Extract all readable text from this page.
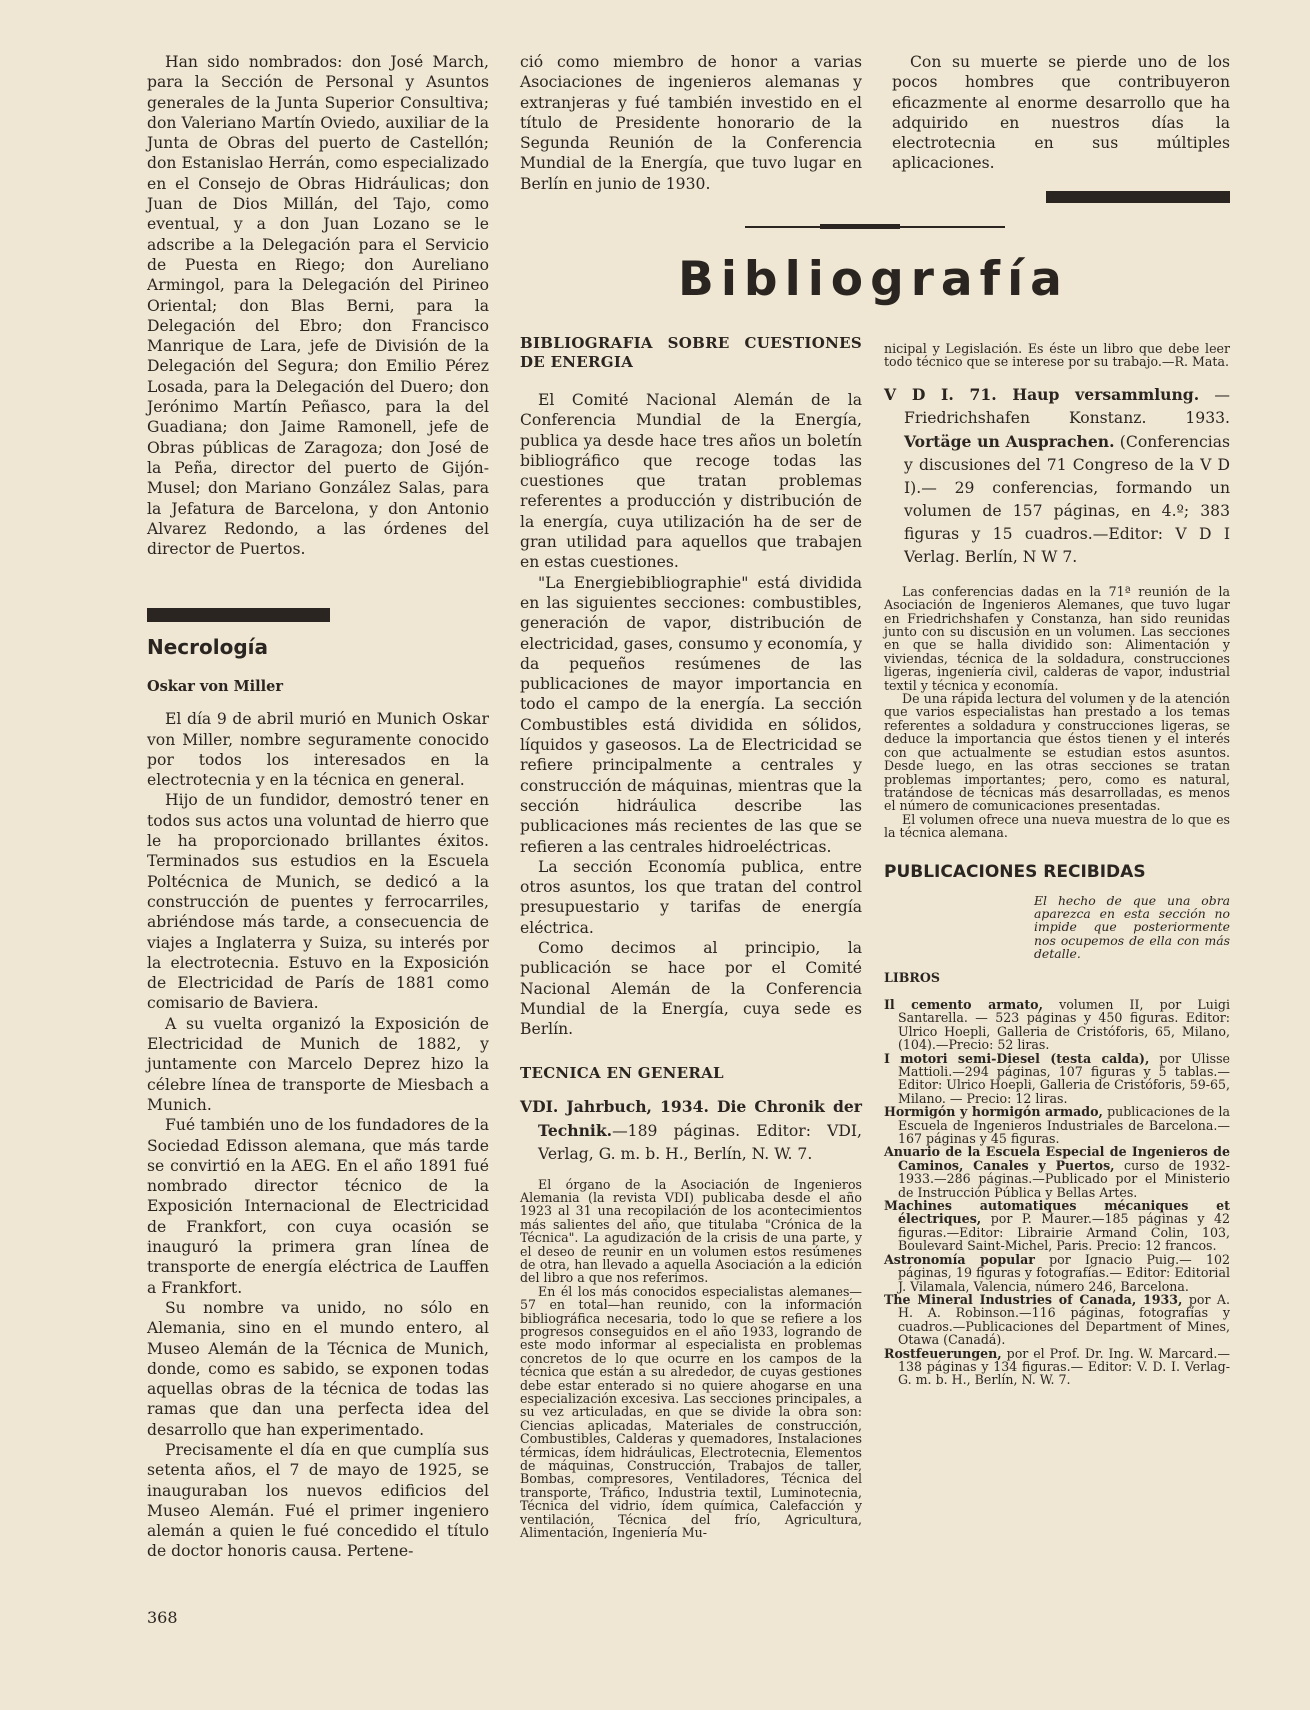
Han sido nombrados: don José March, para la Sección de Personal y Asuntos generales de la Junta Superior Consultiva; don Valeriano Martín Oviedo, auxiliar de la Junta de Obras del puerto de Castellón; don Estanislao Herrán, como especializado en el Consejo de Obras Hidráulicas; don Juan de Dios Millán, del Tajo, como eventual, y a don Juan Lozano se le adscribe a la Delegación para el Servicio de Puesta en Riego; don Aureliano Armingol, para la Delegación del Pirineo Oriental; don Blas Berni, para la Delegación del Ebro; don Francisco Manrique de Lara, jefe de División de la Delegación del Segura; don Emilio Pérez Losada, para la Delegación del Duero; don Jerónimo Martín Peñasco, para la del Guadiana; don Jaime Ramonell, jefe de Obras públicas de Zaragoza; don José de la Peña, director del puerto de Gijón-Musel; don Mariano González Salas, para la Jefatura de Barcelona, y don Antonio Alvarez Redondo, a las órdenes del director de Puertos.

Necrología

Oskar von Miller

El día 9 de abril murió en Munich Oskar von Miller, nombre seguramente conocido por todos los interesados en la electrotecnia y en la técnica en general.

Hijo de un fundidor, demostró tener en todos sus actos una voluntad de hierro que le ha proporcionado brillantes éxitos. Terminados sus estudios en la Escuela Poltécnica de Munich, se dedicó a la construcción de puentes y ferrocarriles, abriéndose más tarde, a consecuencia de viajes a Inglaterra y Suiza, su interés por la electrotecnia. Estuvo en la Exposición de Electricidad de París de 1881 como comisario de Baviera.

A su vuelta organizó la Exposición de Electricidad de Munich de 1882, y juntamente con Marcelo Deprez hizo la célebre línea de transporte de Miesbach a Munich.

Fué también uno de los fundadores de la Sociedad Edisson alemana, que más tarde se convirtió en la AEG. En el año 1891 fué nombrado director técnico de la Exposición Internacional de Electricidad de Frankfort, con cuya ocasión se inauguró la primera gran línea de transporte de energía eléctrica de Lauffen a Frankfort.

Su nombre va unido, no sólo en Alemania, sino en el mundo entero, al Museo Alemán de la Técnica de Munich, donde, como es sabido, se exponen todas aquellas obras de la técnica de todas las ramas que dan una perfecta idea del desarrollo que han experimentado.

Precisamente el día en que cumplía sus setenta años, el 7 de mayo de 1925, se inauguraban los nuevos edificios del Museo Alemán. Fué el primer ingeniero alemán a quien le fué concedido el título de doctor honoris causa. Pertene-

368

ció como miembro de honor a varias Asociaciones de ingenieros alemanas y extranjeras y fué también investido en el título de Presidente honorario de la Segunda Reunión de la Conferencia Mundial de la Energía, que tuvo lugar en Berlín en junio de 1930.

Con su muerte se pierde uno de los pocos hombres que contribuyeron eficazmente al enorme desarrollo que ha adquirido en nuestros días la electrotecnia en sus múltiples aplicaciones.

Bibliografía

BIBLIOGRAFIA SOBRE CUESTIONES DE ENERGIA

El Comité Nacional Alemán de la Conferencia Mundial de la Energía, publica ya desde hace tres años un boletín bibliográfico que recoge todas las cuestiones que tratan problemas referentes a producción y distribución de la energía, cuya utilización ha de ser de gran utilidad para aquellos que trabajen en estas cuestiones.

"La Energiebibliographie" está dividida en las siguientes secciones: combustibles, generación de vapor, distribución de electricidad, gases, consumo y economía, y da pequeños resúmenes de las publicaciones de mayor importancia en todo el campo de la energía. La sección Combustibles está dividida en sólidos, líquidos y gaseosos. La de Electricidad se refiere principalmente a centrales y construcción de máquinas, mientras que la sección hidráulica describe las publicaciones más recientes de las que se refieren a las centrales hidroeléctricas.

La sección Economía publica, entre otros asuntos, los que tratan del control presupuestario y tarifas de energía eléctrica.

Como decimos al principio, la publicación se hace por el Comité Nacional Alemán de la Conferencia Mundial de la Energía, cuya sede es Berlín.

TECNICA EN GENERAL

VDI. Jahrbuch, 1934. Die Chronik der Technik.—189 páginas. Editor: VDI, Verlag, G. m. b. H., Berlín, N. W. 7.

El órgano de la Asociación de Ingenieros Alemania (la revista VDI) publicaba desde el año 1923 al 31 una recopilación de los acontecimientos más salientes del año, que titulaba "Crónica de la Técnica". La agudización de la crisis de una parte, y el deseo de reunir en un volumen estos resúmenes de otra, han llevado a aquella Asociación a la edición del libro a que nos referimos.

En él los más conocidos especialistas alemanes—57 en total—han reunido, con la información bibliográfica necesaria, todo lo que se refiere a los progresos conseguidos en el año 1933, logrando de este modo informar al especialista en problemas concretos de lo que ocurre en los campos de la técnica que están a su alrededor, de cuyas gestiones debe estar enterado si no quiere ahogarse en una especialización excesiva. Las secciones principales, a su vez articuladas, en que se divide la obra son: Ciencias aplicadas, Materiales de construcción, Combustibles, Calderas y quemadores, Instalaciones térmicas, ídem hidráulicas, Electrotecnia, Elementos de máquinas, Construcción, Trabajos de taller, Bombas, compresores, Ventiladores, Técnica del transporte, Tráfico, Industria textil, Luminotecnia, Técnica del vidrio, ídem química, Calefacción y ventilación, Técnica del frío, Agricultura, Alimentación, Ingeniería Mu-

nicipal y Legislación. Es éste un libro que debe leer todo técnico que se interese por su trabajo.—R. Mata.

V D I. 71. Haup versammlung. — Friedrichshafen Konstanz. 1933. Vortäge un Ausprachen. (Conferencias y discusiones del 71 Congreso de la V D I).— 29 conferencias, formando un volumen de 157 páginas, en 4.º; 383 figuras y 15 cuadros.—Editor: V D I Verlag. Berlín, N W 7.

Las conferencias dadas en la 71ª reunión de la Asociación de Ingenieros Alemanes, que tuvo lugar en Friedrichshafen y Constanza, han sido reunidas junto con su discusión en un volumen. Las secciones en que se halla dividido son: Alimentación y viviendas, técnica de la soldadura, construcciones ligeras, ingeniería civil, calderas de vapor, industrial textil y técnica y economía.

De una rápida lectura del volumen y de la atención que varios especialistas han prestado a los temas referentes a soldadura y construcciones ligeras, se deduce la importancia que éstos tienen y el interés con que actualmente se estudian estos asuntos. Desde luego, en las otras secciones se tratan problemas importantes; pero, como es natural, tratándose de técnicas más desarrolladas, es menos el número de comunicaciones presentadas.

El volumen ofrece una nueva muestra de lo que es la técnica alemana.

PUBLICACIONES RECIBIDAS

El hecho de que una obra aparezca en esta sección no impide que posteriormente nos ocupemos de ella con más detalle.

LIBROS

Il cemento armato, volumen II, por Luigi Santarella. — 523 páginas y 450 figuras. Editor: Ulrico Hoepli, Galleria de Cristóforis, 65, Milano, (104).—Precio: 52 liras.

I motori semi-Diesel (testa calda), por Ulisse Mattioli.—294 páginas, 107 figuras y 5 tablas.—Editor: Ulrico Hoepli, Galleria de Cristóforis, 59-65, Milano. — Precio: 12 liras.

Hormigón y hormigón armado, publicaciones de la Escuela de Ingenieros Industriales de Barcelona.—167 páginas y 45 figuras.

Anuario de la Escuela Especial de Ingenieros de Caminos, Canales y Puertos, curso de 1932-1933.—286 páginas.—Publicado por el Ministerio de Instrucción Pública y Bellas Artes.

Machines automatiques mécaniques et électriques, por P. Maurer.—185 páginas y 42 figuras.—Editor: Librairie Armand Colin, 103, Boulevard Saint-Michel, Paris. Precio: 12 francos.

Astronomía popular por Ignacio Puig.— 102 páginas, 19 figuras y fotografías.— Editor: Editorial J. Vilamala, Valencia, número 246, Barcelona.

The Mineral Industries of Canada, 1933, por A. H. A. Robinson.—116 páginas, fotografías y cuadros.—Publicaciones del Department of Mines, Otawa (Canadá).

Rostfeuerungen, por el Prof. Dr. Ing. W. Marcard.—138 páginas y 134 figuras.— Editor: V. D. I. Verlag-G. m. b. H., Berlín, N. W. 7.
